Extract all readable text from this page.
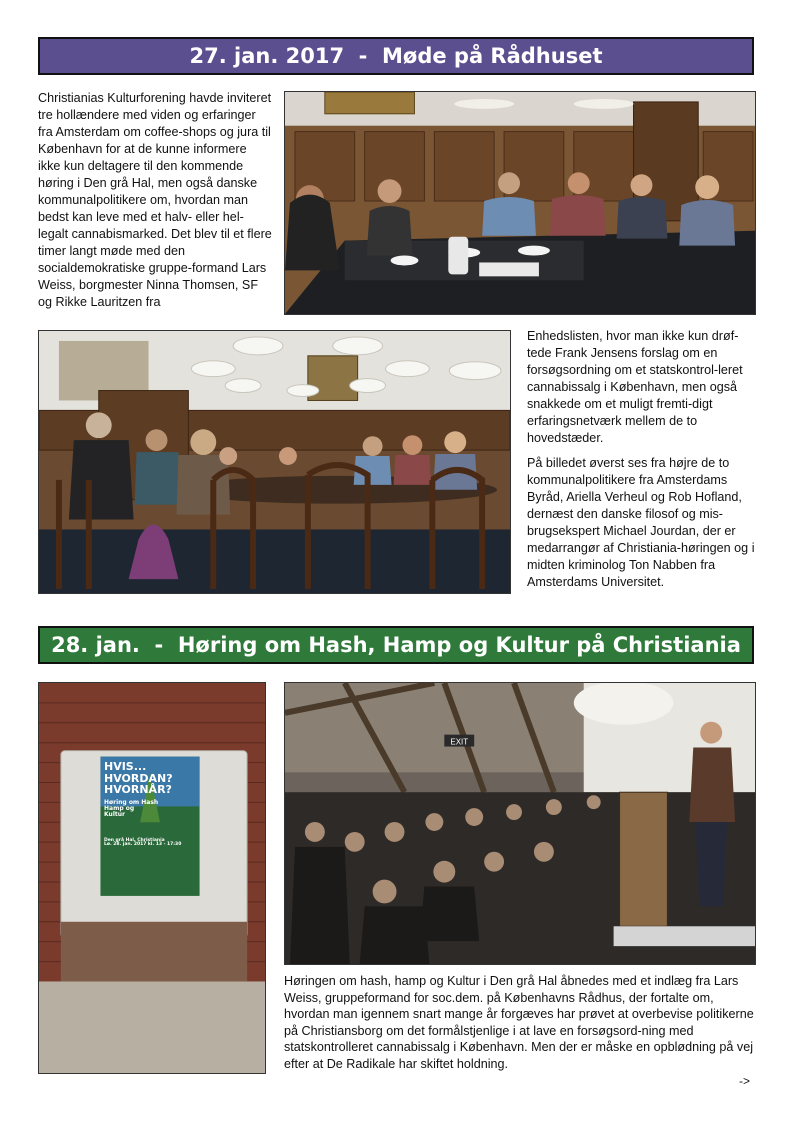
27. jan. 2017  -  Møde på Rådhuset

Christianias Kulturforening havde inviteret tre hollændere med viden og erfaringer fra Amsterdam om coffee-shops og jura til København for at de kunne informere ikke kun deltagere til den kommende høring i Den grå Hal, men også danske kommunalpolitikere om, hvordan man bedst kan leve med et halv- eller hel-legalt cannabismarked. Det blev til et flere timer langt møde med den socialdemokratiske gruppe-formand Lars Weiss, borgmester Ninna Thomsen, SF og Rikke Lauritzen fra

Enhedslisten, hvor man ikke kun drøf-tede Frank Jensens forslag om en forsøgsordning om et statskontrol-leret cannabissalg i København, men også snakkede om et muligt fremti-digt erfaringsnetværk mellem de to hovedstæder.

På billedet øverst ses fra højre de to kommunalpolitikere fra Amsterdams Byråd, Ariella Verheul og Rob Hofland, dernæst den danske filosof og mis-brugsekspert Michael Jourdan, der er medarrangør af Christiania-høringen og i midten kriminolog Ton Nabben fra Amsterdams Universitet.

28. jan.  -  Høring om Hash, Hamp og Kultur på Christiania
HVIS...
HVORDAN?
HVORNÅR?
Høring om Hash
Hamp og
Kultur
Den grå Hal, Christiania
Lø. 28. jan. 2017 kl. 13 - 17:30
EXIT

Høringen om hash, hamp og Kultur i Den grå Hal åbnedes med et indlæg fra Lars Weiss, gruppeformand for soc.dem. på Københavns Rådhus, der fortalte om, hvordan man igennem snart mange år forgæves har prøvet at overbevise politikerne på Christiansborg om det formålstjenlige i at lave en forsøgsord-ning med statskontrolleret cannabissalg i København. Men der er måske en opblødning på vej efter at De Radikale har skiftet holdning.

->
